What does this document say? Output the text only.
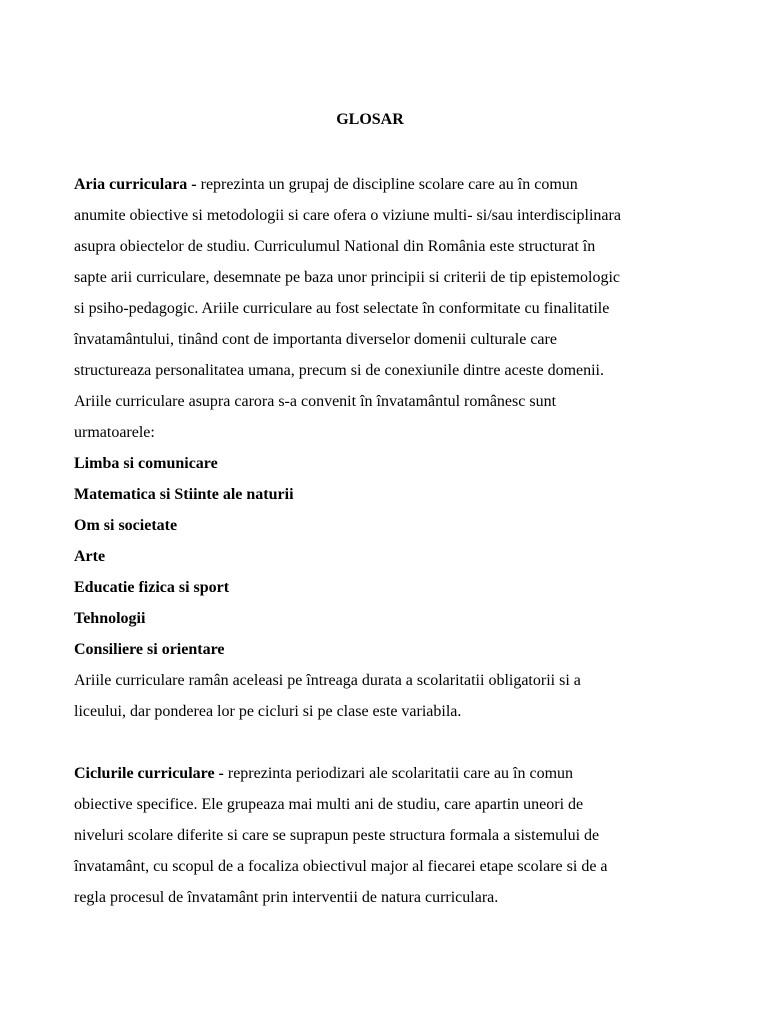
GLOSAR
Aria curriculara - reprezinta un grupaj de discipline scolare care au în comun
anumite obiective si metodologii si care ofera o viziune multi- si/sau interdisciplinara
asupra obiectelor de studiu. Curriculumul National din România este structurat în
sapte arii curriculare, desemnate pe baza unor principii si criterii de tip epistemologic
si psiho-pedagogic. Ariile curriculare au fost selectate în conformitate cu finalitatile
învatamântului, tinând cont de importanta diverselor domenii culturale care
structureaza personalitatea umana, precum si de conexiunile dintre aceste domenii.
Ariile curriculare asupra carora s-a convenit în învatamântul românesc sunt
urmatoarele:
Limba si comunicare
Matematica si Stiinte ale naturii
Om si societate
Arte
Educatie fizica si sport
Tehnologii
Consiliere si orientare
Ariile curriculare ramân aceleasi pe întreaga durata a scolaritatii obligatorii si a
liceului, dar ponderea lor pe cicluri si pe clase este variabila.
Ciclurile curriculare - reprezinta periodizari ale scolaritatii care au în comun
obiective specifice. Ele grupeaza mai multi ani de studiu, care apartin uneori de
niveluri scolare diferite si care se suprapun peste structura formala a sistemului de
învatamânt, cu scopul de a focaliza obiectivul major al fiecarei etape scolare si de a
regla procesul de învatamânt prin interventii de natura curriculara.
